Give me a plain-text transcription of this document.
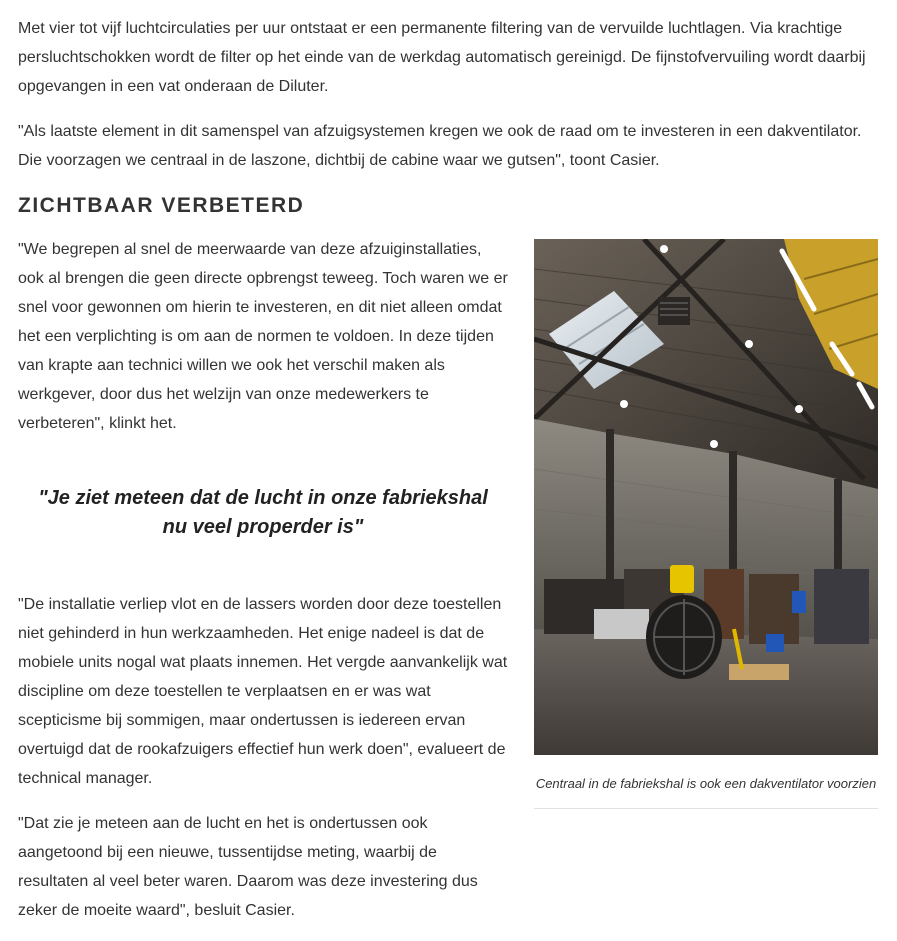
Met vier tot vijf luchtcirculaties per uur ontstaat er een permanente filtering van de vervuilde luchtlagen. Via krachtige persluchtschokken wordt de filter op het einde van de werkdag automatisch gereinigd. De fijnstofvervuiling wordt daarbij opgevangen in een vat onderaan de Diluter.

"Als laatste element in dit samenspel van afzuigsystemen kregen we ook de raad om te investeren in een dakventilator. Die voorzagen we centraal in de laszone, dichtbij de cabine waar we gutsen", toont Casier.

ZICHTBAAR VERBETERD

"We begrepen al snel de meerwaarde van deze afzuiginstallaties, ook al brengen die geen directe opbrengst teweeg. Toch waren we er snel voor gewonnen om hierin te investeren, en dit niet alleen omdat het een verplichting is om aan de normen te voldoen. In deze tijden van krapte aan technici willen we ook het verschil maken als werkgever, door dus het welzijn van onze medewerkers te verbeteren", klinkt het.

"Je ziet meteen dat de lucht in onze fabriekshal nu veel properder is"

"De installatie verliep vlot en de lassers worden door deze toestellen niet gehinderd in hun werkzaamheden. Het enige nadeel is dat de mobiele units nogal wat plaats innemen. Het vergde aanvankelijk wat discipline om deze toestellen te verplaatsen en er was wat scepticisme bij sommigen, maar ondertussen is iedereen ervan overtuigd dat de rookafzuigers effectief hun werk doen", evalueert de technical manager.

"Dat zie je meteen aan de lucht en het is ondertussen ook aangetoond bij een nieuwe, tussentijdse meting, waarbij de resultaten al veel beter waren. Daarom was deze investering dus zeker de moeite waard", besluit Casier.

Centraal in de fabriekshal is ook een dakventilator voorzien
